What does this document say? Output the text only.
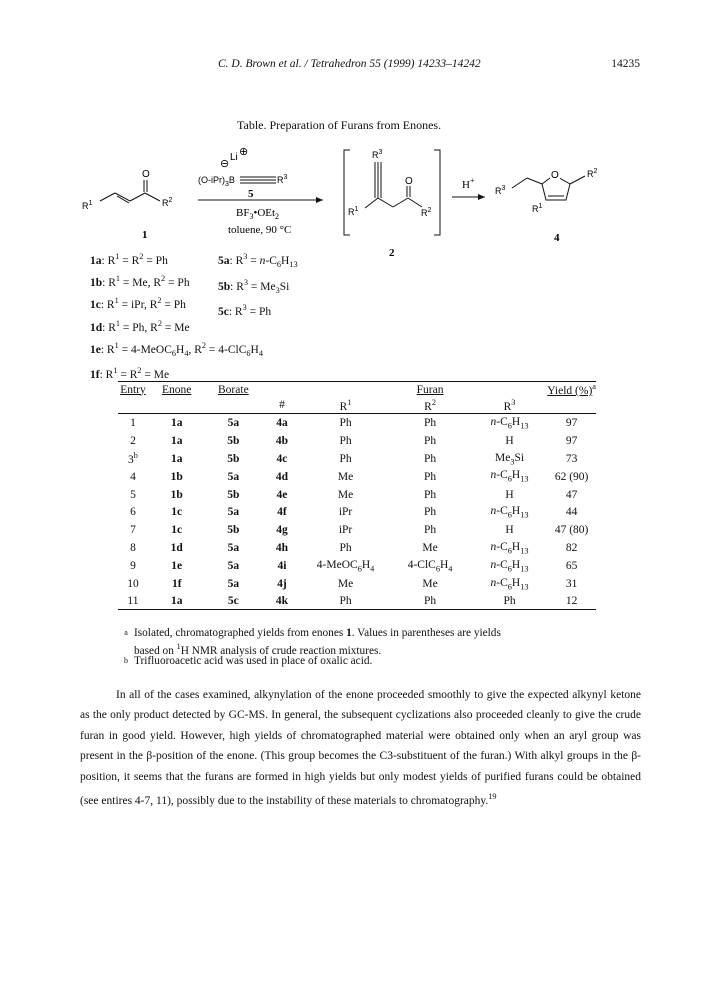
C. D. Brown et al. / Tetrahedron 55 (1999) 14233–14242	14235
Table. Preparation of Furans from Enones.
O
$R^1$	$R^2$
1
Li ⊕
⊖
$(O-iPr)_3B$	$R^3$
5
$BF_3•OEt_2$
toluene, 90 °C
$R^3$
O
$R^1$	$R^2$
2
H+
$R^3$
O	$R^2$
$R^1$
4
1a: $R^1 = R^2 = Ph$
1b: $R^1 = Me$, $R^2 = Ph$
1c: $R^1$ = iPr, $R^2 = Ph$
1d: $R^1 = Ph$, $R^2 = Me$
1e: $R^1$ = $4-MeOC_6H_4$, $R^2 = 4-ClC_6H_4$
1f: $R^1 = R^2 = Me$
5a: $R^3 = n-C_6H_{13}$
5b: $R^3 = Me_3Si$
5c: $R^3 = Ph$
Entry	Enone	Borate			Furan		Yield (%)$^a$
			#	$R^1$	$R^2$	$R^3$	
1	1a	5a	4a	Ph	Ph	$n-C_6H_{13}$	97
2	1a	5b	4b	Ph	Ph	H	97
3$^b$	1a	5b	4c	Ph	Ph	$Me_3Si$	73
4	1b	5a	4d	Me	Ph	$n-C_6H_{13}$	62 (90)
5	1b	5b	4e	Me	Ph	H	47
6	1c	5a	4f	iPr	Ph	$n-C_6H_{13}$	44
7	1c	5b	4g	iPr	Ph	H	47 (80)
8	1d	5a	4h	Ph	Me	$n-C_6H_{13}$	82
9	1e	5a	4i	$4-MeOC_6H_4$	$4-ClC_6H_4$	$n-C_6H_{13}$	65
10	1f	5a	4j	Me	Me	$n-C_6H_{13}$	31
11	1a	5c	4k	Ph	Ph	Ph	12
a Isolated, chromatographed yields from enones 1. Values in parentheses are yields
based on $^1$H NMR analysis of crude reaction mixtures.
b Trifluoroacetic acid was used in place of oxalic acid.

In all of the cases examined, alkynylation of the enone proceeded smoothly to give the expected alkynyl ketone as the only product detected by GC-MS. In general, the subsequent cyclizations also proceeded cleanly to give the crude furan in good yield. However, high yields of chromatographed material were obtained only when an aryl group was present in the β-position of the enone. (This group becomes the C3-substituent of the furan.) With alkyl groups in the β-position, it seems that the furans are formed in high yields but only modest yields of purified furans could be obtained (see entires 4-7, 11), possibly due to the instability of these materials to chromatography.$^{19}$
